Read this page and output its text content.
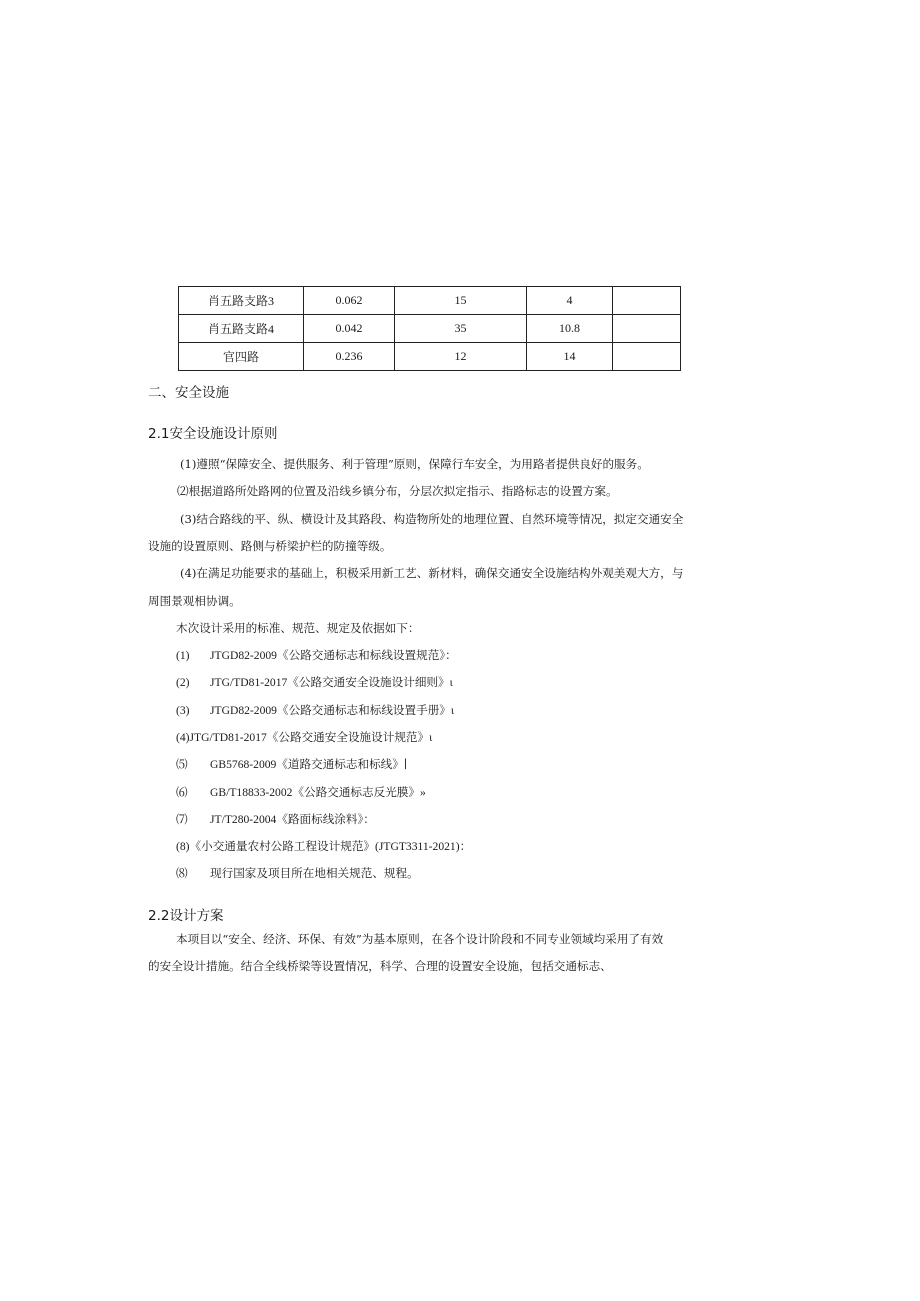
肖五路支路3	0.062	15	4	
肖五路支路4	0.042	35	10.8	
官四路	0.236	12	14	
二、安全设施
2.1安全设施设计原则

(1)遵照“保障安全、提供服务、利于管理”原则，保障行车安全，为用路者提供良好的服务。

⑵根据道路所处路网的位置及沿线乡镇分布，分层次拟定指示、指路标志的设置方案。

(3)结合路线的平、纵、横设计及其路段、构造物所处的地理位置、自然环境等情况，拟定交通安全

设施的设置原则、路侧与桥梁护栏的防撞等级。

(4)在满足功能要求的基础上，积极采用新工艺、新材料，确保交通安全设施结构外观美观大方，与

周围景观相协调。

木次设计采用的标准、规范、规定及依据如下：

(1) JTGD82-2009《公路交通标志和标线设置规范》：

(2) JTG/TD81-2017《公路交通安全设施设计细则》ι

(3) JTGD82-2009《公路交通标志和标线设置手册》ι

(4)JTG/TD81-2017《公路交通安全设施设计规范》ι

⑸ GB5768-2009《道路交通标志和标线》∣

⑹ GB/T18833-2002《公路交通标志反光膜》»

⑺ JT/T280-2004《路面标线涂料》：

(8)《小交通量农村公路工程设计规范》(JTGT3311-2021)：

⑻ 现行国家及项目所在地相关规范、规程。

2.2设计方案

本项目以“安全、经济、环保、有效”为基本原则，在各个设计阶段和不同专业领域均采用了有效

的安全设计措施。结合全线桥梁等设置情况，科学、合理的设置安全设施，包括交通标志、
